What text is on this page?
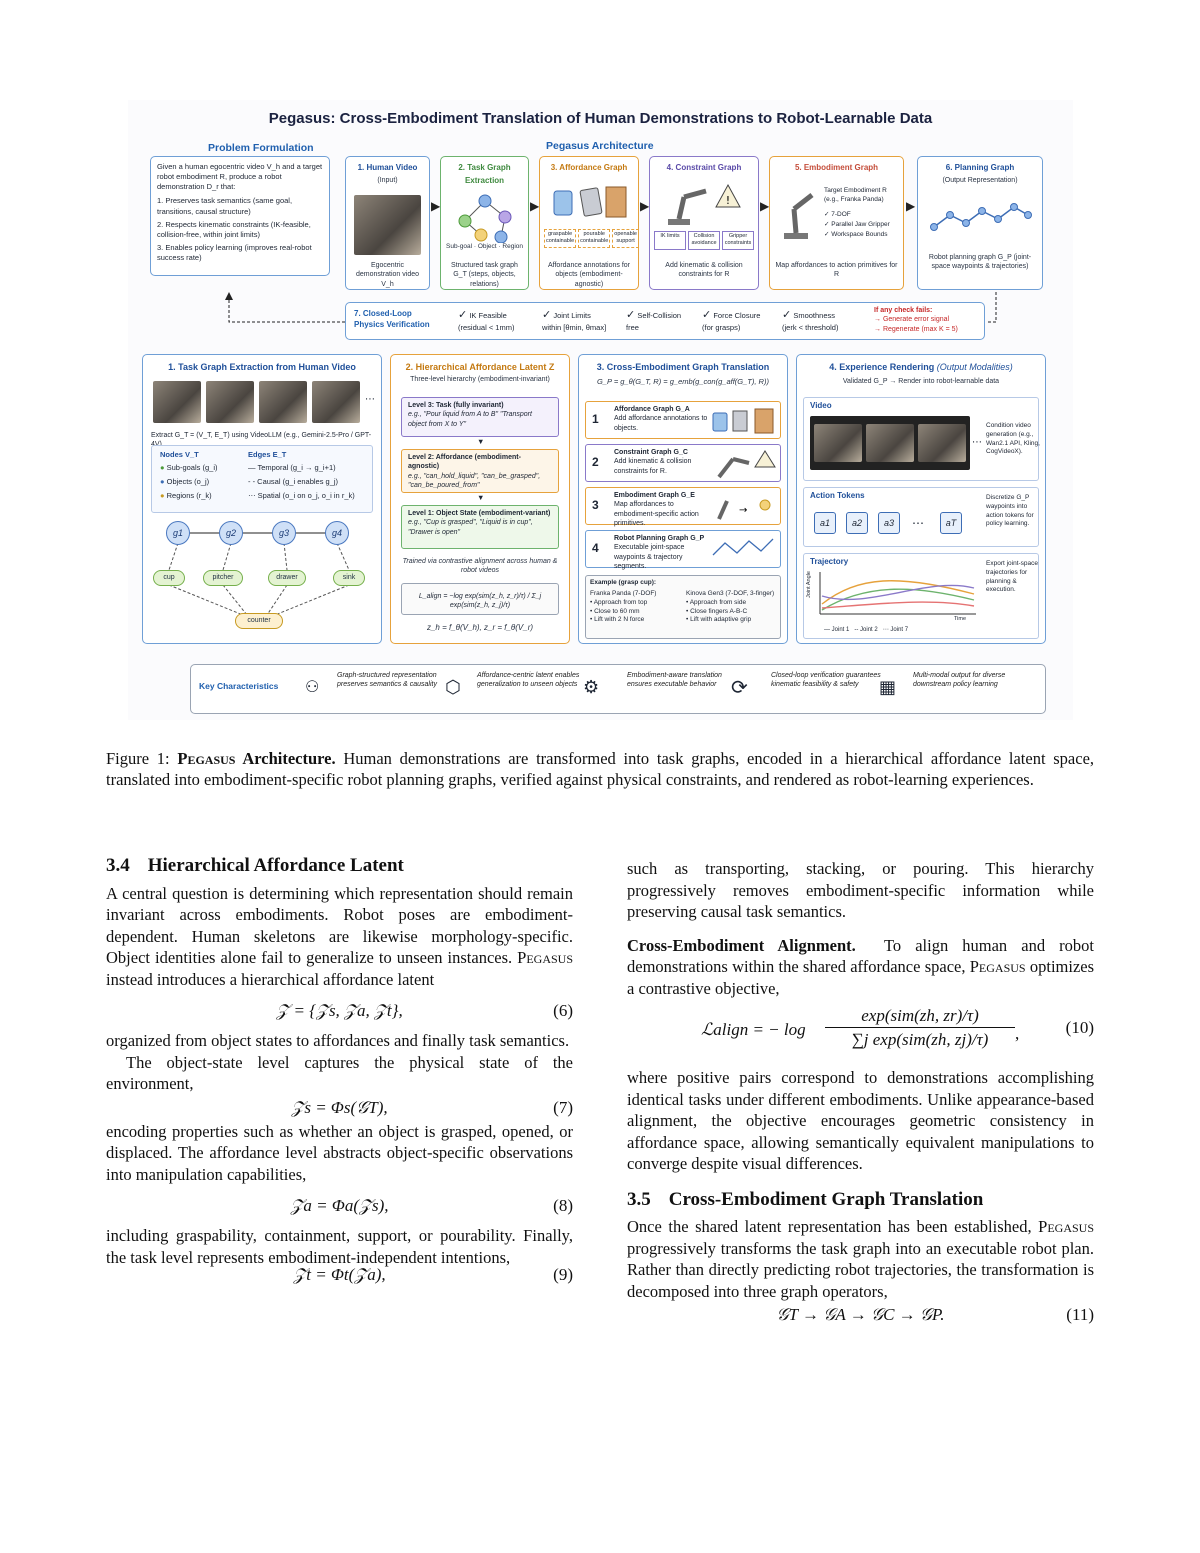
Pegasus: Cross-Embodiment Translation of Human Demonstrations to Robot-Learnable Data
Problem Formulation
Given a human egocentric video V_h and a target robot embodiment R, produce a robot demonstration D_r that:
1. Preserves task semantics (same goal, transitions, causal structure)
2. Respects kinematic constraints (IK-feasible, collision-free, within joint limits)
3. Enables policy learning (improves real-robot success rate)
Pegasus Architecture
1. Human Video
(Input)
Egocentric demonstration video V_h
▶
2. Task Graph
Extraction
Sub-goal · Object · Region
Structured task graph G_T (steps, objects, relations)
▶
3. Affordance Graph
graspable containable
pourable containable
openable support
Affordance annotations for objects (embodiment-agnostic)
▶
4. Constraint Graph
!
IK limits	Collision avoidance
Gripper constraints
Add kinematic & collision constraints for R
▶
5. Embodiment Graph
Target Embodiment R (e.g., Franka Panda)
✓ 7-DOF
✓ Parallel Jaw Gripper
✓ Workspace Bounds
Map affordances to action primitives for R
▶
6. Planning Graph
(Output Representation)
Robot planning graph G_P (joint-space waypoints & trajectories)
7. Closed-Loop Physics Verification
✓ IK Feasible
(residual < 1mm)
✓ Joint Limits
within [θmin, θmax]
✓ Self-Collision
free
✓ Force Closure
(for grasps)
✓ Smoothness
(jerk < threshold)
If any check fails:
→ Generate error signal
→ Regenerate (max K = 5)
1. Task Graph Extraction from Human Video
⋯
Extract G_T = (V_T, E_T) using VideoLLM (e.g., Gemini-2.5-Pro / GPT-
Nodes V_T
● Sub-goals (g_i)
● Objects (o_j)
● Regions (r_k)
Edges E_T
— Temporal (g_i → g_i+1)
- - Causal (g_i enables g_j)
⋯ Spatial (o_i on o_j, o_i in r_k)
g1	g2	g3	g4
cup	pitcher	drawer	sink
counter
2. Hierarchical Affordance Latent Z
Three-level hierarchy (embodiment-invariant)
Level 3: Task (fully invariant)
e.g., "Pour liquid from A to B" "Transport object from X to Y"
▼
Level 2: Affordance (embodiment-agnostic)
e.g., "can_hold_liquid", "can_be_grasped", "can_be_poured_from"
▼
Level 1: Object State (embodiment-variant)
e.g., "Cup is grasped", "Liquid is in cup", "Drawer is open"
Trained via contrastive alignment across human & robot videos
L_align = −log exp(sim(z_h, z_r)/τ) / Σ_j exp(sim(z_h, z_j)/τ)
z_h = f_θ(V_h), z_r = f_θ(V_r)
3. Cross-Embodiment Graph Translation
G_P = g_θ(G_T, R) = g_emb(g_con(g_aff(G_T), R))
1
Affordance Graph G_A
Add affordance annotations to objects.
2
Constraint Graph G_C
Add kinematic & collision constraints for R.
3
Embodiment Graph G_E
Map affordances to embodiment-specific action primitives.
4
Robot Planning Graph G_P
Executable joint-space waypoints & trajectory segments.
→
Example (grasp cup):
Franka Panda (7-DOF)
• Approach from top
• Close to 60 mm
• Lift with 2 N force
Kinova Gen3 (7-DOF, 3-finger)
• Approach from side
• Close fingers A-B-C
• Lift with adaptive grip
4. Experience Rendering (Output Modalities)
Validated G_P → Render into robot-learnable data
Video
⋯
Condition video generation (e.g., Wan2.1 API, Kling, CogVideoX).
Action Tokens
a1	a2	a3	⋯	aT
Discretize G_P waypoints into action tokens for policy learning.
Trajectory
Joint Angle
Time
— Joint 1 -- Joint 2 ⋯ Joint 7
Export joint-space trajectories for planning & execution.
Key Characteristics ⚇
Graph-structured representation preserves semantics & causality ⬡
Affordance-centric latent enables generalization to unseen objects ⚙
Embodiment-aware translation ensures executable behavior ⟳
Closed-loop verification guarantees kinematic feasibility & safety	▦
Multi-modal output for diverse downstream policy learning
Figure 1: Pegasus Architecture. Human demonstrations are transformed into task graphs, encoded in a hierarchical affordance latent space, translated into embodiment-specific robot planning graphs, verified against physical constraints, and rendered as robot-learning experiences.
3.4 Hierarchical Affordance Latent

A central question is determining which representation should remain invariant across embodiments. Robot poses are embodiment-dependent. Human skeletons are likewise morphology-specific. Object identities alone fail to generalize to unseen instances. Pegasus instead introduces a hierarchical affordance latent

𝒵 = {𝒵s, 𝒵a, 𝒵t},	(6)

organized from object states to affordances and finally task semantics.

The object-state level captures the physical state of the environment,

𝒵s = Φs(𝒢T),	(7)

encoding properties such as whether an object is grasped, opened, or displaced. The affordance level abstracts object-specific observations into manipulation capabilities,

𝒵a = Φa(𝒵s),	(8)

including graspability, containment, support, or pourability. Finally, the task level represents embodiment-independent intentions,

𝒵t = Φt(𝒵a),	(9)

such as transporting, stacking, or pouring. This hierarchy progressively removes embodiment-specific information while preserving causal task semantics.

Cross-Embodiment Alignment. To align human and robot demonstrations within the shared affordance space, Pegasus optimizes a contrastive objective,

ℒalign = − log
exp(sim(zh, zr)/τ)
∑j exp(sim(zh, zj)/τ)	,	(10)

where positive pairs correspond to demonstrations accomplishing identical tasks under different embodiments. Unlike appearance-based alignment, the objective encourages geometric consistency in affordance space, allowing semantically equivalent manipulations to converge despite visual differences.

3.5 Cross-Embodiment Graph Translation

Once the shared latent representation has been established, Pegasus progressively transforms the task graph into an executable robot plan. Rather than directly predicting robot trajectories, the transformation is decomposed into three graph operators,

𝒢T → 𝒢A → 𝒢C → 𝒢P.	(11)
